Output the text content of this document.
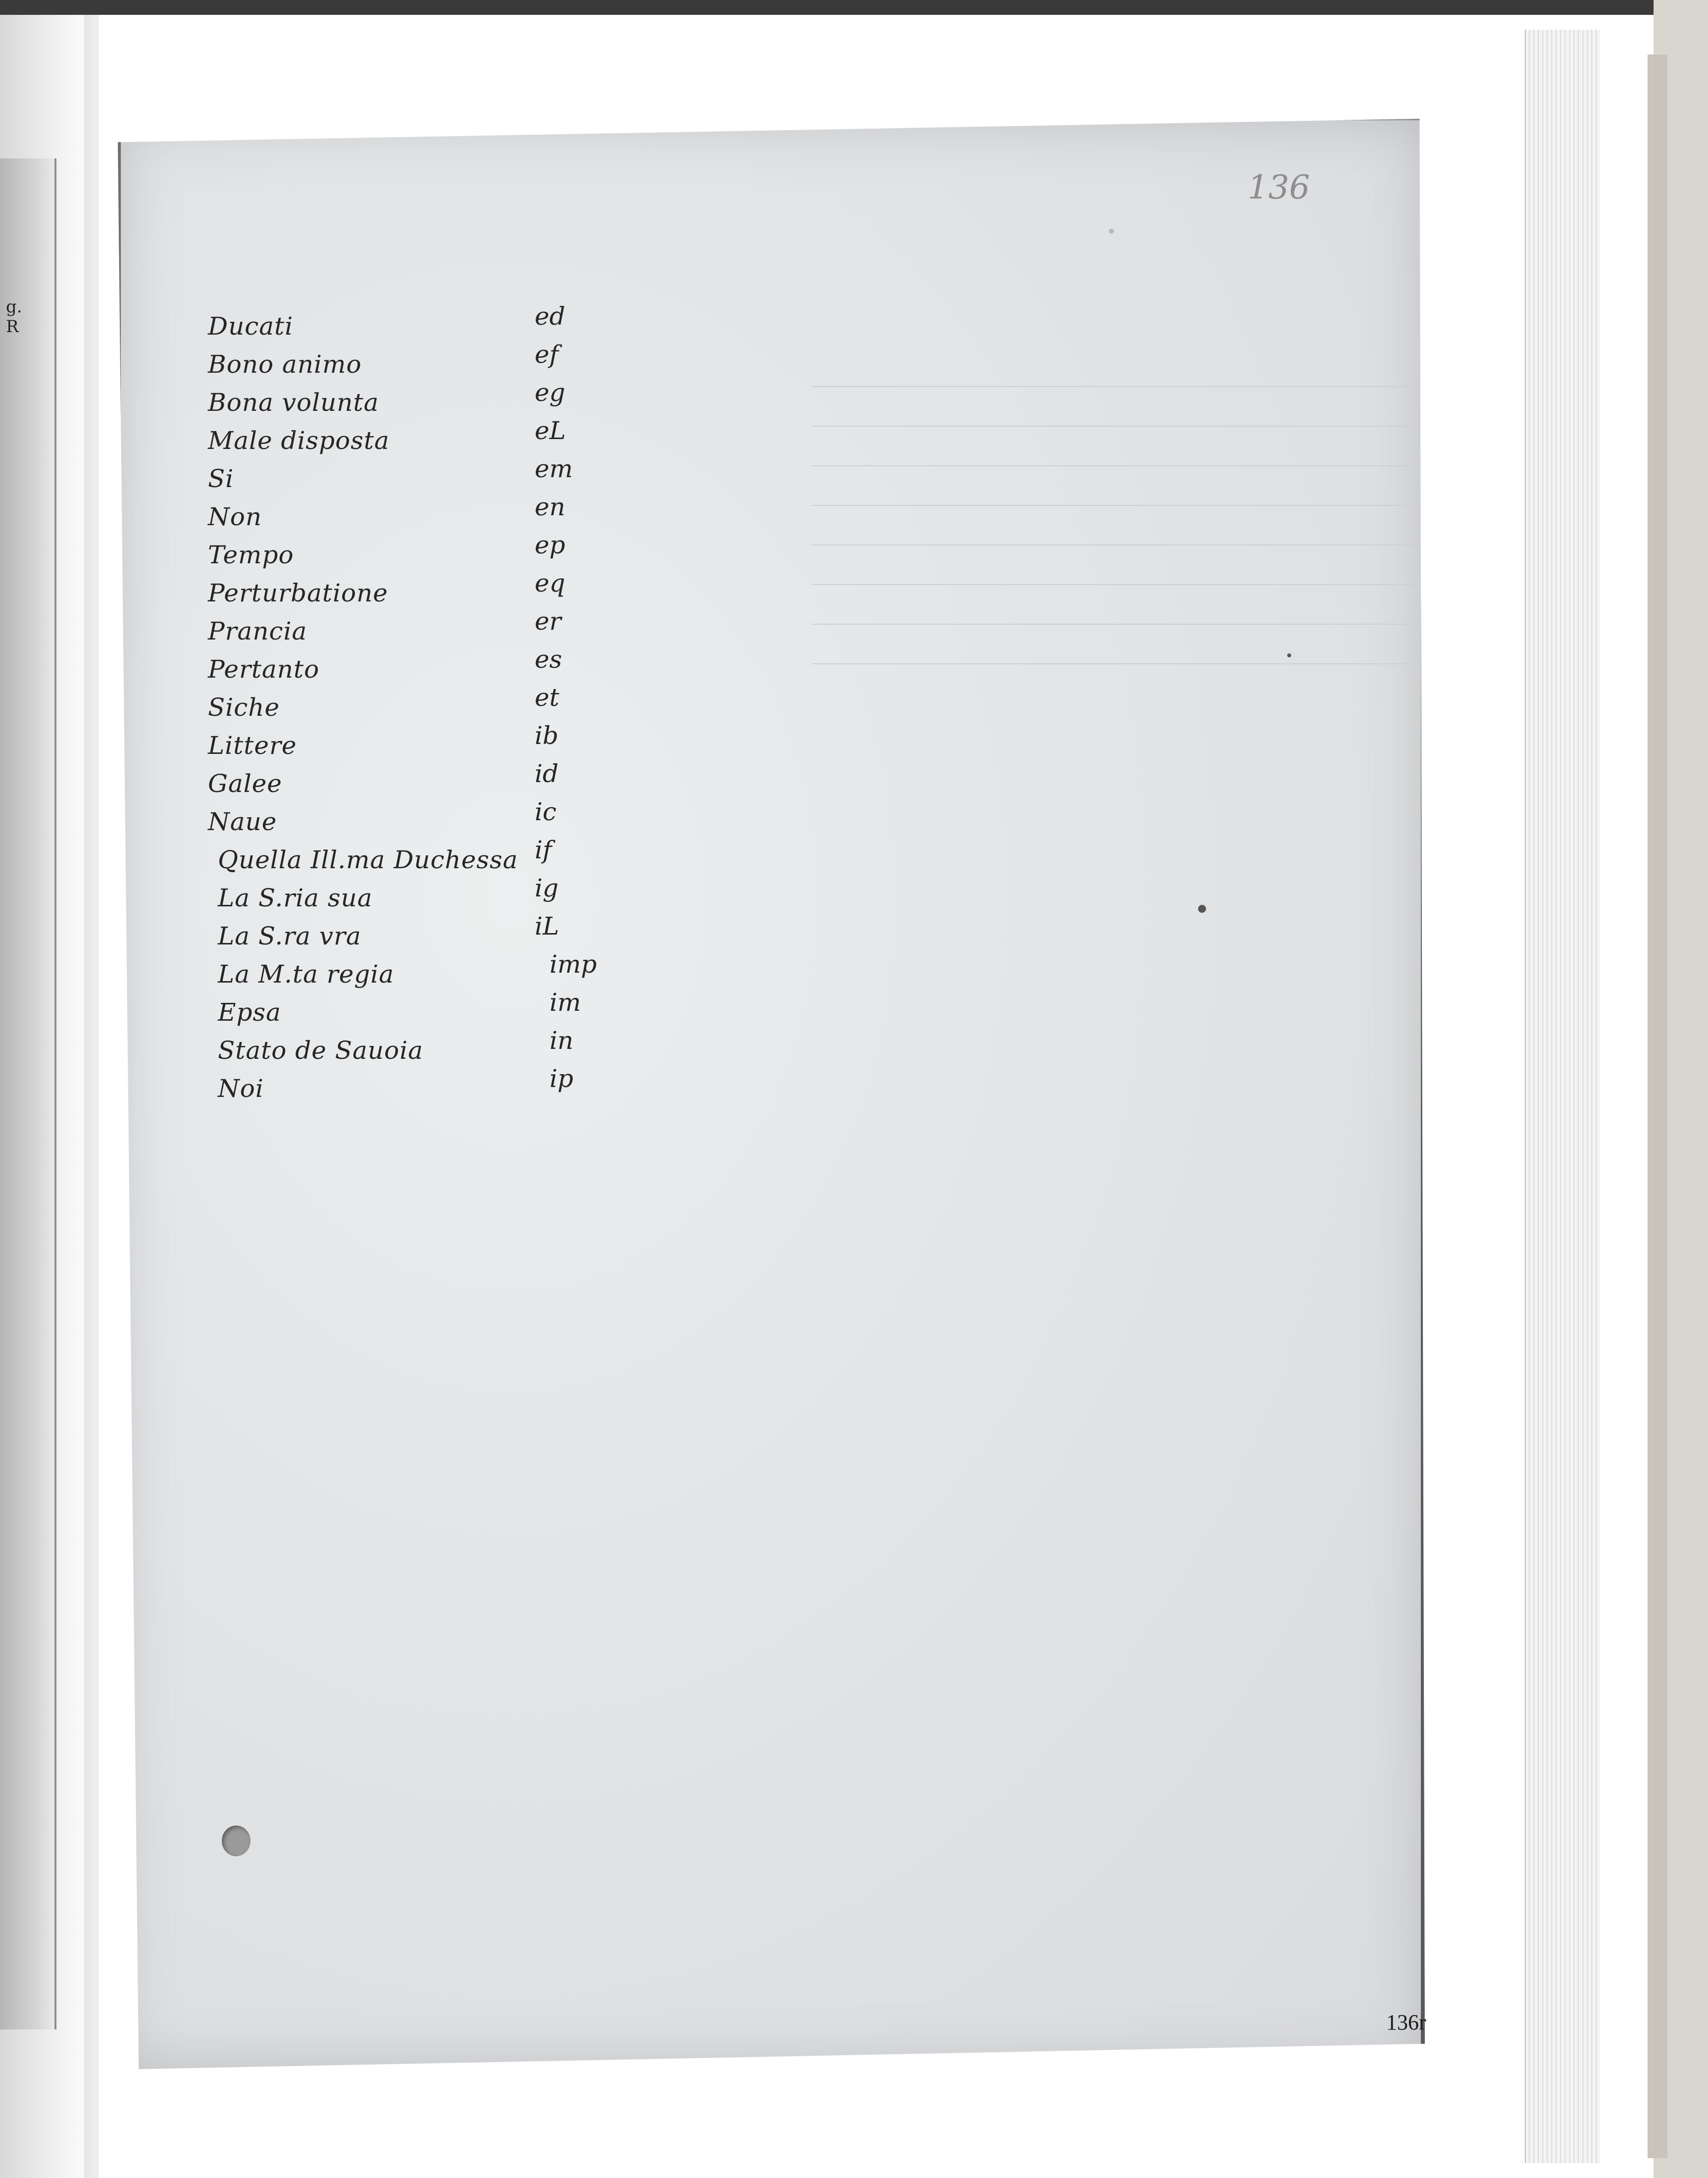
g.
R
136
Ducati	ed
Bono animo	ef
Bona volunta	eg
Male disposta	eL
Si	em
Non	en
Tempo	ep
Perturbatione	eq
Prancia	er
Pertanto	es
Siche	et
Littere	ib
Galee	id
Naue	ic
Quella Ill.ma Duchessa if
La S.ria sua	ig
La S.ra vra	iL
La M.ta regia	imp
Epsa	im
Stato de Sauoia	in
Noi	ip
136r
